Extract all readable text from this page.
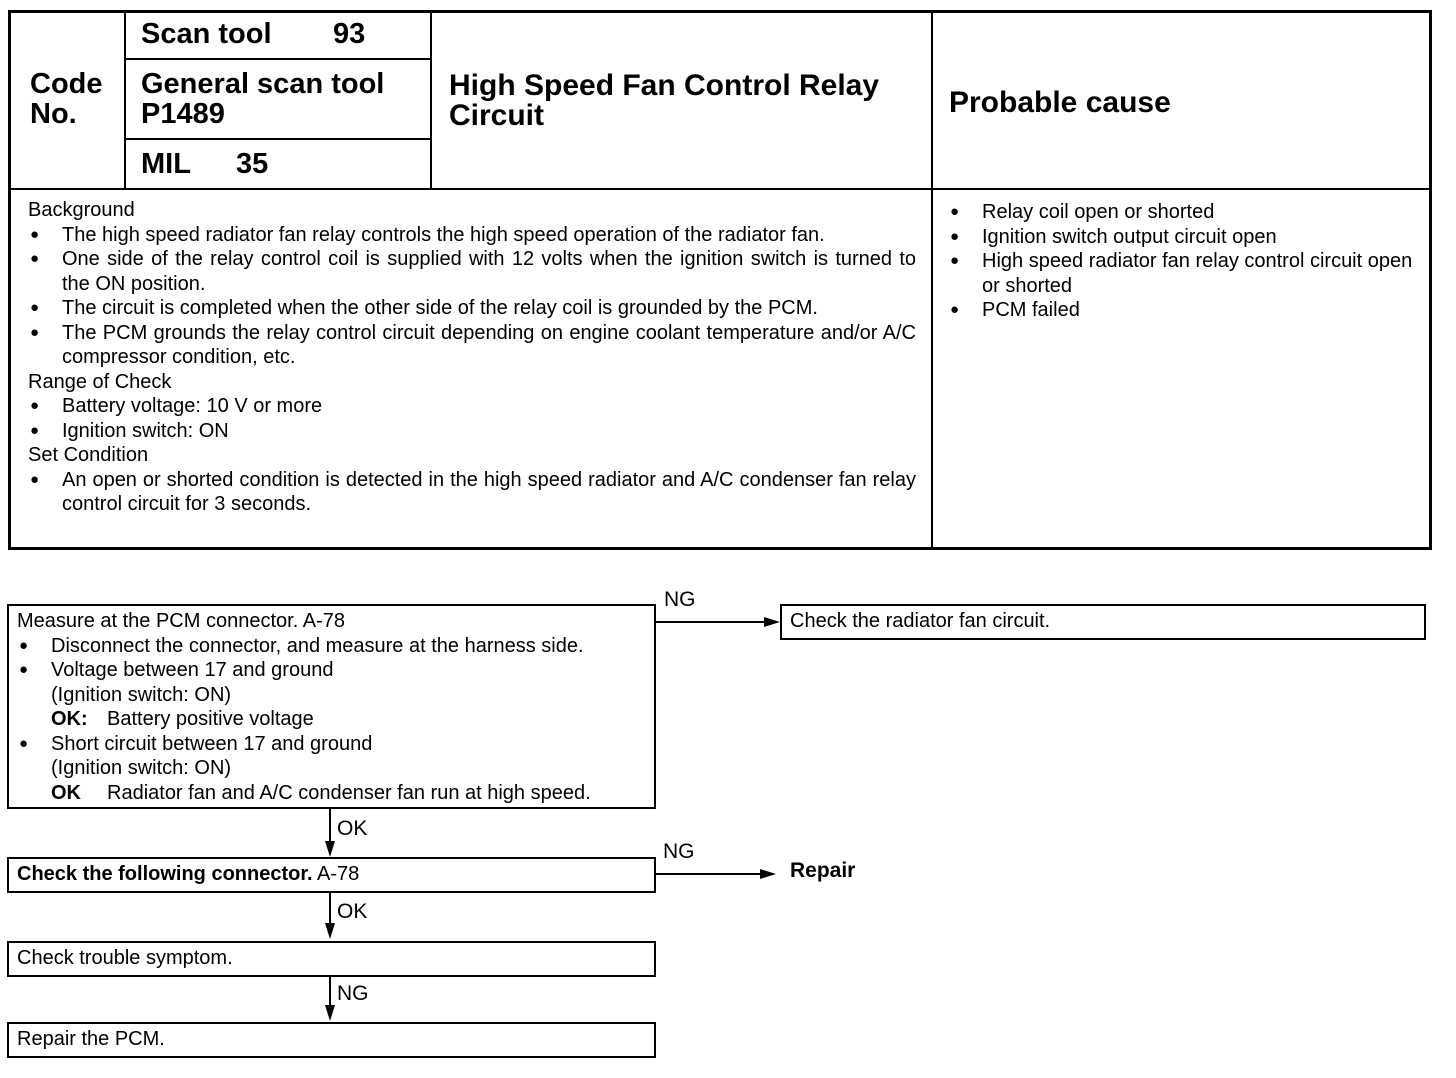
Code
No.
Scan tool 93
General scan tool
P1489
MIL 35
High Speed Fan Control Relay
Circuit	Probable cause
Background
● The high speed radiator fan relay controls the high speed operation of the radiator fan.
● One side of the relay control coil is supplied with 12 volts when the ignition switch is turned to the ON position.
● The circuit is completed when the other side of the relay coil is grounded by the PCM.
● The PCM grounds the relay control circuit depending on engine coolant temperature and/or A/C compressor condition, etc.
Range of Check
● Battery voltage: 10 V or more
● Ignition switch: ON
Set Condition
● An open or shorted condition is detected in the high speed radiator and A/C condenser fan relay control circuit for 3 seconds.
● Relay coil open or shorted
● Ignition switch output circuit open
● High speed radiator fan relay control circuit open or shorted
● PCM failed
Measure at the PCM connector. A-78
● Disconnect the connector, and measure at the harness side.
● Voltage between 17 and ground
(Ignition switch: ON)
OK: Battery positive voltage
● Short circuit between 17 and ground
(Ignition switch: ON)
OK Radiator fan and A/C condenser fan run at high speed.
NG
Check the radiator fan circuit.
OK
Check the following connector. A-78
NG
Repair
OK
Check trouble symptom.
NG
Repair the PCM.
